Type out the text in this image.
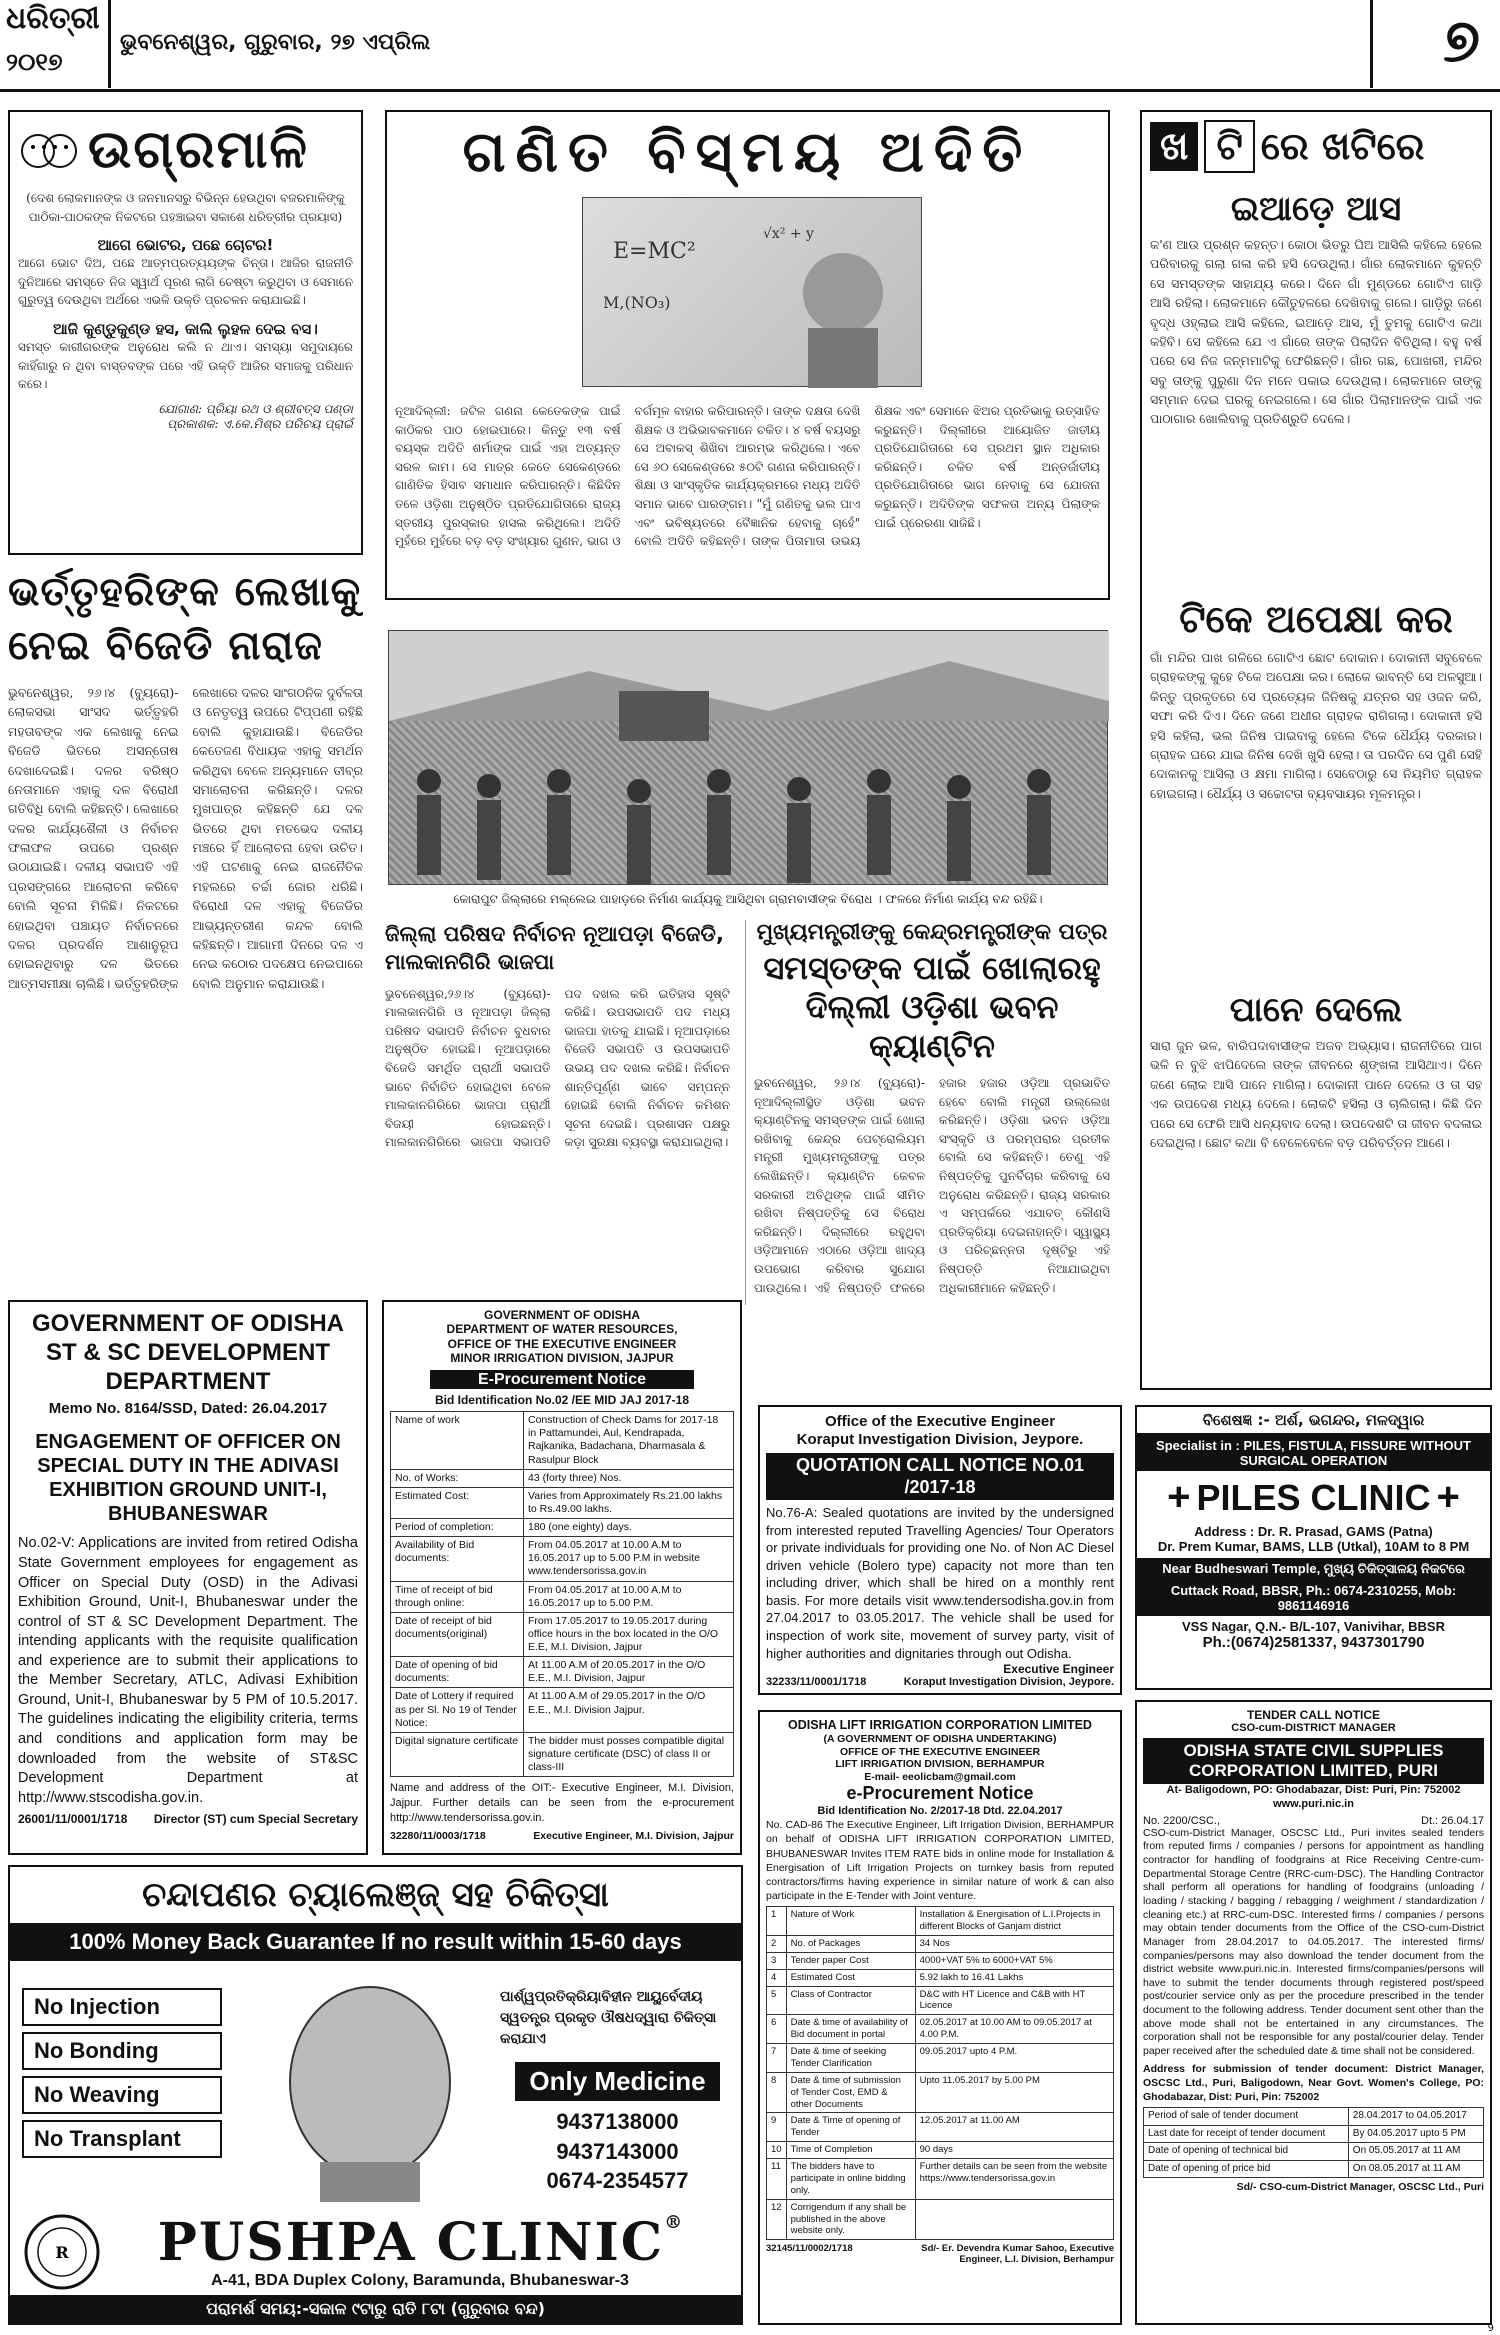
ଧରିତ୍ରୀ
୨୦୧୭
ଭୁବନେଶ୍ୱର, ଗୁରୁବାର, ୨୭ ଏପ୍ରିଲ	୭
ଉଗ୍ରମାଳି
(ଦେଶ ଲୋକମାନଙ୍କ ଓ ଜନମାନସରୁ ବିଭିନ୍ନ ହେଉଥିବା ବଜରମାଳିଙ୍କୁ ପାଠିକା-ପାଠକଙ୍କ ନିକଟରେ ପହଞ୍ଚାଇବା ସକାଶେ ଧରିତ୍ରୀର ପ୍ରୟାସ)
ଆଗେ ଭୋଟର, ପଛେ ଚୋଟର!
ଆଗେ ଭୋଟ ଦିଅ, ପଛେ ଆତ୍ମପ୍ରତ୍ୟୟଙ୍କ ଚିନ୍ତା। ଆଜିର ରାଜନୀତି ଦୁନିଆରେ ସମସ୍ତେ ନିଜ ସ୍ୱାର୍ଥ ପୂରଣ ଲାଗି ଚେଷ୍ଟା କରୁଥିବା ଓ ସେମାନେ ଗୁରୁତ୍ୱ ଦେଉଥିବା ଅର୍ଥରେ ଏଭଳି ଉକ୍ତି ପ୍ରଚଳନ କରାଯାଇଛି।
ଆଜି କୁଣ୍ଡୁକୁଣ୍ଡ ହସ, କାଲି ଲୁହଳ ଦେଇ ବସ।
ସମସ୍ତ କାରୀଗରଙ୍କ ଅନୁରୋଧ କଲି ନ ଥାଏ। ସମସ୍ୟା ସମୁଦାୟରେ କାହିଁଗାରୁ ନ ଥିବା ବାସ୍ତବଙ୍କ ପରେ ଏହି ଉକ୍ତି ଆଜିର ସମାଜକୁ ପରିଧାନ କରେ।
ଯୋଗାଣ: ପ୍ରିୟା ରଥ ଓ ଶ୍ରୀବତ୍ସ ପଣ୍ଡା
ପ୍ରକାଶକ: ଏ.କେ.ମିଶ୍ର ପରିଚୟ ପ୍ରାଇଁ
ଭର୍ତ୍ତୃହରିଙ୍କ ଲେଖାକୁ ନେଇ ବିଜେଡି ନାରାଜ
ଭୁବନେଶ୍ୱର, ୨୬।୪ (ବ୍ୟୁରୋ)- ଲୋକସଭା ସାଂସଦ ଭର୍ତ୍ତୃହରି ମହତାବଙ୍କ ଏକ ଲେଖାକୁ ନେଇ ବିଜେଡି ଭିତରେ ଅସନ୍ତୋଷ ଦେଖାଦେଇଛି। ଦଳର ବରିଷ୍ଠ ନେତାମାନେ ଏହାକୁ ଦଳ ବିରୋଧୀ ଗତିବିଧି ବୋଲି କହିଛନ୍ତି। ଲେଖାରେ ଦଳର କାର୍ଯ୍ୟଶୈଳୀ ଓ ନିର୍ବାଚନ ଫଳାଫଳ ଉପରେ ପ୍ରଶ୍ନ ଉଠାଯାଇଛି। ଦଳୀୟ ସଭାପତି ଏହି ପ୍ରସଙ୍ଗରେ ଆଲୋଚନା କରିବେ ବୋଲି ସୂଚନା ମିଳିଛି। ନିକଟରେ ହୋଇଥିବା ପଞ୍ଚାୟତ ନିର୍ବାଚନରେ ଦଳର ପ୍ରଦର୍ଶନ ଆଶାନୁରୂପ ହୋଇନଥିବାରୁ ଦଳ ଭିତରେ ଆତ୍ମସମୀକ୍ଷା ଚାଲିଛି। ଭର୍ତ୍ତୃହରିଙ୍କ ଲେଖାରେ ଦଳର ସାଂଗଠନିକ ଦୁର୍ବଳତା ଓ ନେତୃତ୍ୱ ଉପରେ ଟିପ୍ପଣୀ ରହିଛି ବୋଲି କୁହାଯାଉଛି। ବିଜେଡିର କେତେଜଣ ବିଧାୟକ ଏହାକୁ ସମର୍ଥନ କରିଥିବା ବେଳେ ଅନ୍ୟମାନେ ତୀବ୍ର ସମାଲୋଚନା କରିଛନ୍ତି। ଦଳର ମୁଖପାତ୍ର କହିଛନ୍ତି ଯେ ଦଳ ଭିତରେ ଥିବା ମତଭେଦ ଦଳୀୟ ମଞ୍ଚରେ ହିଁ ଆଲୋଚନା ହେବା ଉଚିତ। ଏହି ଘଟଣାକୁ ନେଇ ରାଜନୈତିକ ମହଲରେ ଚର୍ଚ୍ଚା ଜୋର ଧରିଛି। ବିରୋଧୀ ଦଳ ଏହାକୁ ବିଜେଡିର ଆଭ୍ୟନ୍ତରୀଣ କନ୍ଦଳ ବୋଲି କହିଛନ୍ତି। ଆଗାମୀ ଦିନରେ ଦଳ ଏ ନେଇ କଠୋର ପଦକ୍ଷେପ ନେଇପାରେ ବୋଲି ଅନୁମାନ କରାଯାଉଛି।
ଗଣିତ ବିସ୍ମୟ ଅଦିତି
E=MC²
M,(NO₃)
√x² + y
ନୂଆଦିଲ୍ଲୀ: ଜଟିଳ ଗଣନା କେତେକଙ୍କ ପାଇଁ କାଠିକର ପାଠ ହୋଇପାରେ। କିନ୍ତୁ ୧୩ ବର୍ଷ ବୟସ୍କ ଅଦିତି ଶର୍ମାଙ୍କ ପାଇଁ ଏହା ଅତ୍ୟନ୍ତ ସରଳ କାମ। ସେ ମାତ୍ର କେତେ ସେକେଣ୍ଡରେ ଗାଣିତିକ ହିସାବ ସମାଧାନ କରିପାରନ୍ତି। କିଛିଦିନ ତଳେ ଓଡ଼ିଶା ଅନୁଷ୍ଠିତ ପ୍ରତିଯୋଗିତାରେ ରାଜ୍ୟ ସ୍ତରୀୟ ପୁରସ୍କାର ହାସଲ କରିଥିଲେ। ଅଦିତି ମୁହଁରେ ମୁହଁରେ ବଡ଼ ବଡ଼ ସଂଖ୍ୟାର ଗୁଣନ, ଭାଗ ଓ ବର୍ଗମୂଳ ବାହାର କରିପାରନ୍ତି। ତାଙ୍କ ଦକ୍ଷତା ଦେଖି ଶିକ୍ଷକ ଓ ଅଭିଭାବକମାନେ ଚକିତ। ୪ ବର୍ଷ ବୟସରୁ ସେ ଅବାକସ୍ ଶିଖିବା ଆରମ୍ଭ କରିଥିଲେ। ଏବେ ସେ ୬୦ ସେକେଣ୍ଡରେ ୫୦ଟି ଗଣନା କରିପାରନ୍ତି। ଶିକ୍ଷା ଓ ସାଂସ୍କୃତିକ କାର୍ଯ୍ୟକ୍ରମରେ ମଧ୍ୟ ଅଦିତି ସମାନ ଭାବେ ପାରଙ୍ଗମ। "ମୁଁ ଗଣିତକୁ ଭଲ ପାଏ ଏବଂ ଭବିଷ୍ୟତରେ ବୈଜ୍ଞାନିକ ହେବାକୁ ଚାହେଁ" ବୋଲି ଅଦିତି କହିଛନ୍ତି। ତାଙ୍କ ପିତାମାତା ଉଭୟ ଶିକ୍ଷକ ଏବଂ ସେମାନେ ଝିଅର ପ୍ରତିଭାକୁ ଉତ୍ସାହିତ କରୁଛନ୍ତି। ଦିଲ୍ଲୀରେ ଆୟୋଜିତ ଜାତୀୟ ପ୍ରତିଯୋଗିତାରେ ସେ ପ୍ରଥମ ସ୍ଥାନ ଅଧିକାର କରିଛନ୍ତି। ଚଳିତ ବର୍ଷ ଅନ୍ତର୍ଜାତୀୟ ପ୍ରତିଯୋଗିତାରେ ଭାଗ ନେବାକୁ ସେ ଯୋଜନା କରୁଛନ୍ତି। ଅଦିତିଙ୍କ ସଫଳତା ଅନ୍ୟ ପିଲାଙ୍କ ପାଇଁ ପ୍ରେରଣା ସାଜିଛି।
କୋରାପୁଟ ଜିଲ୍ଲାରେ ମଲ୍ଲେଇ ପାହାଡ଼ରେ ନିର୍ମାଣ କାର୍ଯ୍ୟକୁ ଆସିଥିବା ଗ୍ରାମବାସୀଙ୍କ ବିରୋଧ । ଫଳରେ ନିର୍ମାଣ କାର୍ଯ୍ୟ ବନ୍ଦ ରହିଛି।
ଜିଲ୍ଲା ପରିଷଦ ନିର୍ବାଚନ ନୂଆପଡ଼ା ବିଜେଡି, ମାଲକାନଗିରି ଭାଜପା
ଭୁବନେଶ୍ୱର,୨୬।୪ (ବ୍ୟୁରୋ)-ମାଲକାନଗିରି ଓ ନୂଆପଡ଼ା ଜିଲ୍ଲା ପରିଷଦ ସଭାପତି ନିର୍ବାଚନ ବୁଧବାର ଅନୁଷ୍ଠିତ ହୋଇଛି। ନୂଆପଡ଼ାରେ ବିଜେଡି ସମର୍ଥିତ ପ୍ରାର୍ଥୀ ସଭାପତି ଭାବେ ନିର୍ବାଚିତ ହୋଇଥିବା ବେଳେ ମାଲକାନଗିରିରେ ଭାଜପା ପ୍ରାର୍ଥୀ ବିଜୟୀ ହୋଇଛନ୍ତି। ମାଲକାନଗିରିରେ ଭାଜପା ସଭାପତି ପଦ ଦଖଲ କରି ଇତିହାସ ସୃଷ୍ଟି କରିଛି। ଉପସଭାପତି ପଦ ମଧ୍ୟ ଭାଜପା ହାତକୁ ଯାଇଛି। ନୂଆପଡ଼ାରେ ବିଜେଡି ସଭାପତି ଓ ଉପସଭାପତି ଉଭୟ ପଦ ଦଖଲ କରିଛି। ନିର୍ବାଚନ ଶାନ୍ତିପୂର୍ଣ୍ଣ ଭାବେ ସମ୍ପନ୍ନ ହୋଇଛି ବୋଲି ନିର୍ବାଚନ କମିଶନ ସୂଚନା ଦେଇଛି। ପ୍ରଶାସନ ପକ୍ଷରୁ କଡ଼ା ସୁରକ୍ଷା ବ୍ୟବସ୍ଥା କରାଯାଇଥିଲା।
ମୁଖ୍ୟମନ୍ତ୍ରୀଙ୍କୁ କେନ୍ଦ୍ରମନ୍ତ୍ରୀଙ୍କ ପତ୍ର
ସମସ୍ତଙ୍କ ପାଇଁ ଖୋଲାରହୁ
ଦିଲ୍ଲୀ ଓଡ଼ିଶା ଭବନ କ୍ୟାଣ୍ଟିନ
ଭୁବନେଶ୍ୱର, ୨୬।୪ (ବ୍ୟୁରୋ)- ନୂଆଦିଲ୍ଲୀସ୍ଥିତ ଓଡ଼ିଶା ଭବନ କ୍ୟାଣ୍ଟିନକୁ ସମସ୍ତଙ୍କ ପାଇଁ ଖୋଲା ରଖିବାକୁ କେନ୍ଦ୍ର ପେଟ୍ରୋଲିୟମ ମନ୍ତ୍ରୀ ମୁଖ୍ୟମନ୍ତ୍ରୀଙ୍କୁ ପତ୍ର ଲେଖିଛନ୍ତି। କ୍ୟାଣ୍ଟିନ କେବଳ ସରକାରୀ ଅତିଥିଙ୍କ ପାଇଁ ସୀମିତ ରଖିବା ନିଷ୍ପତ୍ତିକୁ ସେ ବିରୋଧ କରିଛନ୍ତି। ଦିଲ୍ଲୀରେ ରହୁଥିବା ଓଡ଼ିଆମାନେ ଏଠାରେ ଓଡ଼ିଆ ଖାଦ୍ୟ ଉପଭୋଗ କରିବାର ସୁଯୋଗ ପାଉଥିଲେ। ଏହି ନିଷ୍ପତ୍ତି ଫଳରେ ହଜାର ହଜାର ଓଡ଼ିଆ ପ୍ରଭାବିତ ହେବେ ବୋଲି ମନ୍ତ୍ରୀ ଉଲ୍ଲେଖ କରିଛନ୍ତି। ଓଡ଼ିଶା ଭବନ ଓଡ଼ିଆ ସଂସ୍କୃତି ଓ ପରମ୍ପରାର ପ୍ରତୀକ ବୋଲି ସେ କହିଛନ୍ତି। ତେଣୁ ଏହି ନିଷ୍ପତ୍ତିକୁ ପୁନର୍ବିଚାର କରିବାକୁ ସେ ଅନୁରୋଧ କରିଛନ୍ତି। ରାଜ୍ୟ ସରକାର ଏ ସମ୍ପର୍କରେ ଏଯାବତ୍ କୌଣସି ପ୍ରତିକ୍ରିୟା ଦେଇନାହାନ୍ତି। ସ୍ୱାସ୍ଥ୍ୟ ଓ ପରିଚ୍ଛନ୍ନତା ଦୃଷ୍ଟିରୁ ଏହି ନିଷ୍ପତ୍ତି ନିଆଯାଇଥିବା ଅଧିକାରୀମାନେ କହିଛନ୍ତି।
ଖ ଟି ରେ ଖଟିରେ
ଇଆଡ଼େ ଆସ
କ'ଣ ଆଉ ପ୍ରଶ୍ନ କହନ୍ତ। କୋଠା ଭିତରୁ ଘିଅ ଆସିଲି କହିଲେ ହେଲେ ପରିବାରକୁ ଗଲା ଗଳା କରି ହସି ଦେଉଥିଲା। ଗାଁର ଲୋକମାନେ କୁହନ୍ତି ସେ ସମସ୍ତଙ୍କ ସାହାଯ୍ୟ କରେ। ଦିନେ ଗାଁ ମୁଣ୍ଡରେ ଗୋଟିଏ ଗାଡ଼ି ଆସି ରହିଲା। ଲୋକମାନେ କୌତୁହଳରେ ଦେଖିବାକୁ ଗଲେ। ଗାଡ଼ିରୁ ଜଣେ ବୃଦ୍ଧ ଓହ୍ଲାଇ ଆସି କହିଲେ, ଇଆଡ଼େ ଆସ, ମୁଁ ତୁମକୁ ଗୋଟିଏ କଥା କହିବି। ସେ କହିଲେ ଯେ ଏ ଗାଁରେ ତାଙ୍କ ପିଲାଦିନ ବିତିଥିଲା। ବହୁ ବର୍ଷ ପରେ ସେ ନିଜ ଜନ୍ମମାଟିକୁ ଫେରିଛନ୍ତି। ଗାଁର ଗଛ, ପୋଖରୀ, ମନ୍ଦିର ସବୁ ତାଙ୍କୁ ପୁରୁଣା ଦିନ ମନେ ପକାଇ ଦେଉଥିଲା। ଲୋକମାନେ ତାଙ୍କୁ ସମ୍ମାନ ଦେଇ ଘରକୁ ନେଇଗଲେ। ସେ ଗାଁର ପିଲାମାନଙ୍କ ପାଇଁ ଏକ ପାଠାଗାର ଖୋଲିବାକୁ ପ୍ରତିଶ୍ରୁତି ଦେଲେ।
ଟିକେ ଅପେକ୍ଷା କର
ଗାଁ ମନ୍ଦିର ପାଖ ଗଳିରେ ଗୋଟିଏ ଛୋଟ ଦୋକାନ। ଦୋକାନୀ ସବୁବେଳେ ଗ୍ରାହକଙ୍କୁ କୁହେ ଟିକେ ଅପେକ୍ଷା କର। ଲୋକେ ଭାବନ୍ତି ସେ ଅଳସୁଆ। କିନ୍ତୁ ପ୍ରକୃତରେ ସେ ପ୍ରତ୍ୟେକ ଜିନିଷକୁ ଯତ୍ନର ସହ ଓଜନ କରି, ସଫା କରି ଦିଏ। ଦିନେ ଜଣେ ଅଧୀର ଗ୍ରାହକ ରାଗିଗଲା। ଦୋକାନୀ ହସି ହସି କହିଲା, ଭଲ ଜିନିଷ ପାଇବାକୁ ହେଲେ ଟିକେ ଧୈର୍ଯ୍ୟ ଦରକାର। ଗ୍ରାହକ ଘରେ ଯାଇ ଜିନିଷ ଦେଖି ଖୁସି ହେଲା। ତା ପରଦିନ ସେ ପୁଣି ସେହି ଦୋକାନକୁ ଆସିଲା ଓ କ୍ଷମା ମାଗିଲା। ସେବେଠାରୁ ସେ ନିୟମିତ ଗ୍ରାହକ ହୋଇଗଲା। ଧୈର୍ଯ୍ୟ ଓ ସଚ୍ଚୋଟତା ବ୍ୟବସାୟର ମୂଳମନ୍ତ୍ର।
ପାନେ ଦେଲେ
ସାରା ଜୁନ ଭଳ, ବାରିପଦାବାସୀଙ୍କ ଅଜବ ଅଭ୍ୟାସ। ରାଜନୀତିରେ ପାଗ ଭଳି ନ ବୁଝି ଝାପିଦେଲେ ତାଙ୍କ ଜୀବନରେ ଶୃଙ୍ଖଳା ଆସିଥାଏ। ଦିନେ ଜଣେ ଲୋକ ଆସି ପାନେ ମାଗିଲା। ଦୋକାନୀ ପାନେ ଦେଲେ ଓ ତା ସହ ଏକ ଉପଦେଶ ମଧ୍ୟ ଦେଲେ। ଲୋକଟି ହସିଲା ଓ ଚାଲିଗଲା। କିଛି ଦିନ ପରେ ସେ ଫେରି ଆସି ଧନ୍ୟବାଦ ଦେଲା। ଉପଦେଶଟି ତା ଜୀବନ ବଦଳାଇ ଦେଇଥିଲା। ଛୋଟ କଥା ବି ବେଳେବେଳେ ବଡ଼ ପରିବର୍ତ୍ତନ ଆଣେ।
GOVERNMENT OF ODISHA
ST & SC DEVELOPMENT DEPARTMENT
Memo No. 8164/SSD, Dated: 26.04.2017
ENGAGEMENT OF OFFICER ON SPECIAL DUTY IN THE ADIVASI EXHIBITION GROUND UNIT-I, BHUBANESWAR
No.02-V: Applications are invited from retired Odisha State Government employees for engagement as Officer on Special Duty (OSD) in the Adivasi Exhibition Ground, Unit-I, Bhubaneswar under the control of ST & SC Development Department. The intending applicants with the requisite qualification and experience are to submit their applications to the Member Secretary, ATLC, Adivasi Exhibition Ground, Unit-I, Bhubaneswar by 5 PM of 10.5.2017. The guidelines indicating the eligibility criteria, terms and conditions and application form may be downloaded from the website of ST&SC Development Department at http://www.stscodisha.gov.in.
26001/11/0001/1718 Director (ST) cum Special Secretary
GOVERNMENT OF ODISHA
DEPARTMENT OF WATER RESOURCES,
OFFICE OF THE EXECUTIVE ENGINEER
MINOR IRRIGATION DIVISION, JAJPUR
E-Procurement Notice
Bid Identification No.02 /EE MID JAJ 2017-18
Name of work	Construction of Check Dams for 2017-18 in Pattamundei, Aul, Kendrapada, Rajkanika, Badachana, Dharmasala & Rasulpur Block
No. of Works:	43 (forty three) Nos.
Estimated Cost:	Varies from Approximately Rs.21.00 lakhs to Rs.49.00 lakhs.
Period of completion:	180 (one eighty) days.
Availability of Bid documents:	From 04.05.2017 at 10.00 A.M to 16.05.2017 up to 5.00 P.M in website www.tendersorissa.gov.in
Time of receipt of bid through online:	From 04.05.2017 at 10.00 A.M to 16.05.2017 up to 5.00 P.M.
Date of receipt of bid documents(original)	From 17.05.2017 to 19.05.2017 during office hours in the box located in the O/O E.E, M.I. Division, Jajpur
Date of opening of bid documents:	At 11.00 A.M of 20.05.2017 in the O/O E.E., M.I. Division, Jajpur
Date of Lottery if required as per Sl. No 19 of Tender Notice:	At 11.00 A.M of 29.05.2017 in the O/O E.E., M.I. Division Jajpur.
Digital signature certificate	The bidder must posses compatible digital signature certificate (DSC) of class II or class-III
Name and address of the OIT:- Executive Engineer, M.I. Division, Jajpur. Further details can be seen from the e-procurement http://www.tendersorissa.gov.in.
32280/11/0003/1718	Executive Engineer, M.I. Division, Jajpur
Office of the Executive Engineer
Koraput Investigation Division, Jeypore.
QUOTATION CALL NOTICE NO.01 /2017-18
No.76-A: Sealed quotations are invited by the undersigned from interested reputed Travelling Agencies/ Tour Operators or private individuals for providing one No. of Non AC Diesel driven vehicle (Bolero type) capacity not more than ten including driver, which shall be hired on a monthly rent basis. For more details visit www.tendersodisha.gov.in from 27.04.2017 to 03.05.2017. The vehicle shall be used for inspection of work site, movement of survey party, visit of higher authorities and dignitaries through out Odisha.
Executive Engineer
32233/11/0001/1718	Koraput Investigation Division, Jeypore.
ODISHA LIFT IRRIGATION CORPORATION LIMITED
(A GOVERNMENT OF ODISHA UNDERTAKING)
OFFICE OF THE EXECUTIVE ENGINEER
LIFT IRRIGATION DIVISION, BERHAMPUR
E-mail- eeolicbam@gmail.com
e-Procurement Notice
Bid Identification No. 2/2017-18 Dtd. 22.04.2017
No. CAD-86 The Executive Engineer, Lift Irrigation Division, BERHAMPUR on behalf of ODISHA LIFT IRRIGATION CORPORATION LIMITED, BHUBANESWAR Invites ITEM RATE bids in online mode for Installation & Energisation of Lift Irrigation Projects on turnkey basis from reputed contractors/firms having experience in similar nature of work & can also participate in the E-Tender with Joint venture.
1	Nature of Work	Installation & Energisation of L.I.Projects in different Blocks of Ganjam district
2	No. of Packages	34 Nos
3	Tender paper Cost	4000+VAT 5% to 6000+VAT 5%
4	Estimated Cost	5.92 lakh to 16.41 Lakhs
5	Class of Contractor	D&C with HT Licence and C&B with HT Licence
6	Date & time of availability of Bid document in portal	02.05.2017 at 10.00 AM to 09.05.2017 at 4.00 P.M.
7	Date & time of seeking Tender Clarification	09.05.2017 upto 4 P.M.
8	Date & time of submission of Tender Cost, EMD & other Documents	Upto 11.05.2017 by 5.00 PM
9	Date & Time of opening of Tender	12.05.2017 at 11.00 AM
10	Time of Completion	90 days
11	The bidders have to participate in online bidding only.	Further details can be seen from the website https://www.tendersorissa.gov.in
12	Corrigendum if any shall be published in the above website only.	
32145/11/0002/1718	Sd/- Er. Devendra Kumar Sahoo, Executive Engineer, L.I. Division, Berhampur
ବିଶେଷଜ୍ଞ :- ଅର୍ଶ, ଭଗନ୍ଦର, ମଳଦ୍ୱାର
Specialist in : PILES, FISTULA, FISSURE WITHOUT SURGICAL OPERATION
+ PILES CLINIC +
Address : Dr. R. Prasad, GAMS (Patna)
Dr. Prem Kumar, BAMS, LLB (Utkal), 10AM to 8 PM
Near Budheswari Temple, ମୁଖ୍ୟ ଚିକିତ୍ସାଳୟ ନିକଟରେ
Cuttack Road, BBSR, Ph.: 0674-2310255, Mob: 9861146916
VSS Nagar, Q.N.- B/L-107, Vanivihar, BBSR
Ph.:(0674)2581337, 9437301790
TENDER CALL NOTICE
CSO-cum-DISTRICT MANAGER
ODISHA STATE CIVIL SUPPLIES CORPORATION LIMITED, PURI
At- Baligodown, PO: Ghodabazar, Dist: Puri, Pin: 752002
www.puri.nic.in
No. 2200/CSC.,	Dt.: 26.04.17
CSO-cum-District Manager, OSCSC Ltd., Puri invites sealed tenders from reputed firms / companies / persons for appointment as handling contractor for handling of foodgrains at Rice Receiving Centre-cum-Departmental Storage Centre (RRC-cum-DSC). The Handling Contractor shall perform all operations for handling of foodgrains (unloading / loading / stacking / bagging / rebagging / weighment / standardization / cleaning etc.) at RRC-cum-DSC. Interested firms / companies / persons may obtain tender documents from the Office of the CSO-cum-District Manager from 28.04.2017 to 04.05.2017. The interested firms/ companies/persons may also download the tender document from the district website www.puri.nic.in. Interested firms/companies/persons will have to submit the tender documents through registered post/speed post/courier service only as per the procedure prescribed in the tender document to the following address. Tender document sent other than the above mode shall not be entertained in any circumstances. The corporation shall not be responsible for any postal/courier delay. Tender paper received after the scheduled date & time shall not be considered.
Address for submission of tender document: District Manager, OSCSC Ltd., Puri, Baligodown, Near Govt. Women's College, PO: Ghodabazar, Dist: Puri, Pin: 752002
Period of sale of tender document	28.04.2017 to 04.05.2017
Last date for receipt of tender document	By 04.05.2017 upto 5 PM
Date of opening of technical bid	On 05.05.2017 at 11 AM
Date of opening of price bid	On 08.05.2017 at 11 AM
Sd/- CSO-cum-District Manager, OSCSC Ltd., Puri
ଚନ୍ଦାପଣର ଚ୍ୟାଲେଞ୍ଜ୍ ସହ ଚିକିତ୍ସା
100% Money Back Guarantee If no result within 15-60 days
No Injection
No Bonding
No Weaving
No Transplant
ପାର୍ଶ୍ୱପ୍ରତିକ୍ରିୟାବିହୀନ ଆୟୁର୍ବେଦୀୟ ସ୍ୱତନ୍ତ୍ର ପ୍ରକୃତ ଔଷଧଦ୍ୱାରା ଚିକିତ୍ସା କରାଯାଏ
Only Medicine
9437138000
9437143000
0674-2354577
R PUSHPA CLINIC ®
A-41, BDA Duplex Colony, Baramunda, Bhubaneswar-3
ପରାମର୍ଶ ସମୟ:-ସକାଳ ୯ଟାରୁ ରାତି ୮ଟା (ଗୁରୁବାର ବନ୍ଦ)
9
